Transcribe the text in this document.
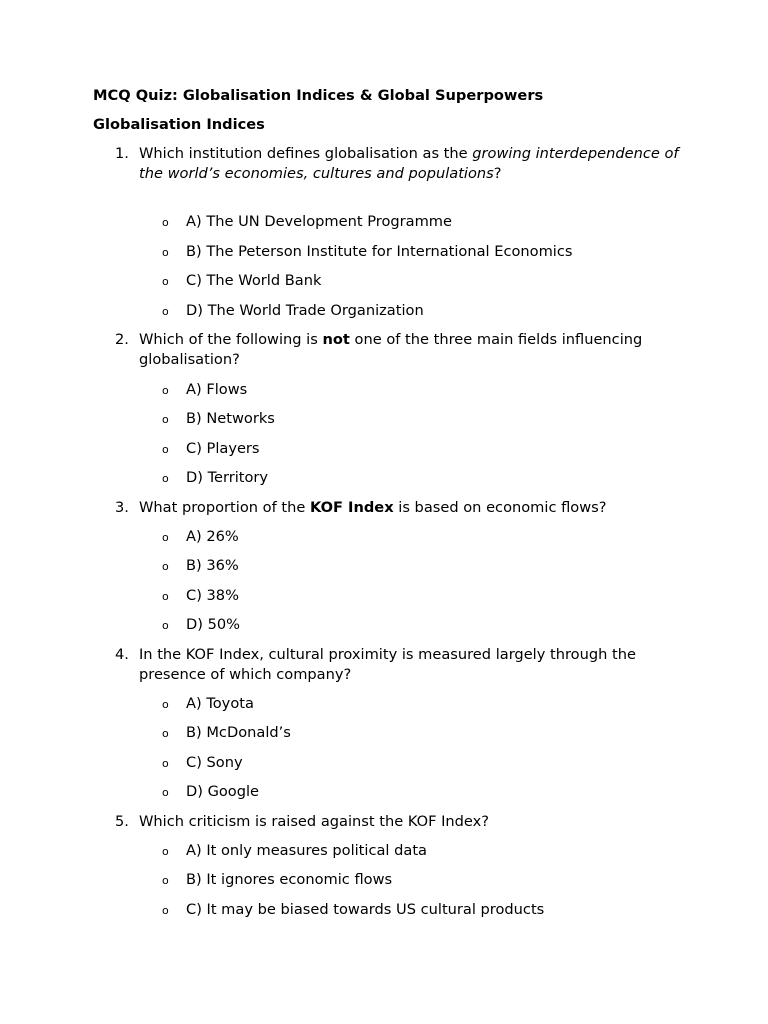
MCQ Quiz: Globalisation Indices & Global Superpowers
Globalisation Indices
1. Which institution defines globalisation as the growing interdependence of the world’s economies, cultures and populations?
o A) The UN Development Programme
o B) The Peterson Institute for International Economics
o C) The World Bank
o D) The World Trade Organization
2. Which of the following is not one of the three main fields influencing globalisation?
o A) Flows
o B) Networks
o C) Players
o D) Territory
3. What proportion of the KOF Index is based on economic flows?
o A) 26%
o B) 36%
o C) 38%
o D) 50%
4. In the KOF Index, cultural proximity is measured largely through the presence of which company?
o A) Toyota
o B) McDonald’s
o C) Sony
o D) Google
5. Which criticism is raised against the KOF Index?
o A) It only measures political data
o B) It ignores economic flows
o C) It may be biased towards US cultural products
